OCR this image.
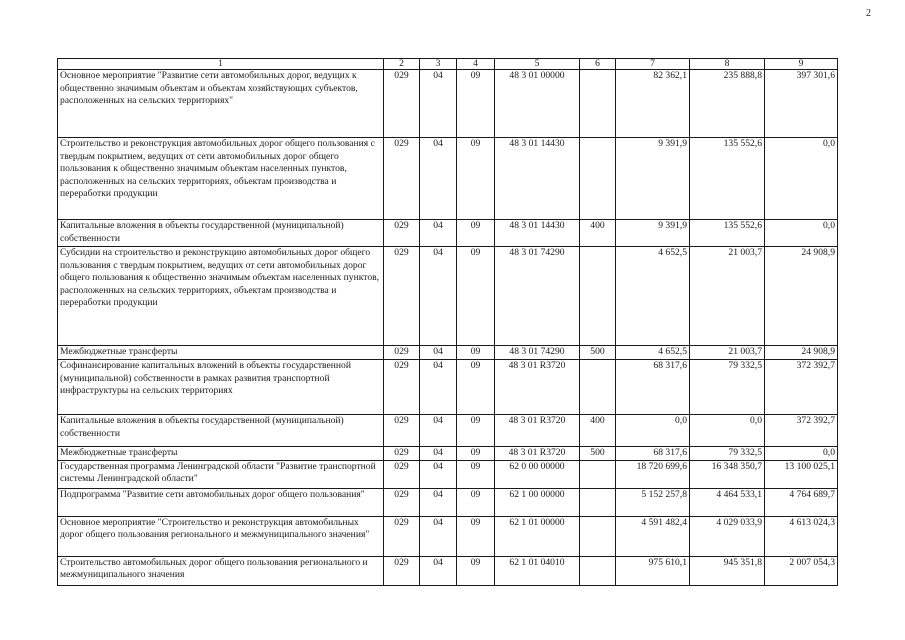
2
1	2	3	4	5	6	7	8	9
Основное мероприятие "Развитие сети автомобильных дорог, ведущих к общественно значимым объектам и объектам хозяйствующих субъектов, расположенных на сельских территориях"	029	04	09	48 3 01 00000		82 362,1	235 888,8	397 301,6
Строительство и реконструкция автомобильных дорог общего пользования с твердым покрытием, ведущих от сети автомобильных дорог общего пользования к общественно значимым объектам населенных пунктов, расположенных на сельских территориях, объектам производства и переработки продукции	029	04	09	48 3 01 14430		9 391,9	135 552,6	0,0
Капитальные вложения в объекты государственной (муниципальной) собственности	029	04	09	48 3 01 14430	400	9 391,9	135 552,6	0,0
Субсидии на строительство и реконструкцию автомобильных дорог общего пользования с твердым покрытием, ведущих от сети автомобильных дорог общего пользования к общественно значимым объектам населенных пунктов, расположенных на сельских территориях, объектам производства и переработки продукции	029	04	09	48 3 01 74290		4 652,5	21 003,7	24 908,9
Межбюджетные трансферты	029	04	09	48 3 01 74290	500	4 652,5	21 003,7	24 908,9
Софинансирование капитальных вложений в объекты государственной (муниципальной) собственности в рамках развития транспортной инфраструктуры на сельских территориях	029	04	09	48 3 01 R3720		68 317,6	79 332,5	372 392,7
Капитальные вложения в объекты государственной (муниципальной) собственности	029	04	09	48 3 01 R3720	400	0,0	0,0	372 392,7
Межбюджетные трансферты	029	04	09	48 3 01 R3720	500	68 317,6	79 332,5	0,0
Государственная программа Ленинградской области "Развитие транспортной системы Ленинградской области"	029	04	09	62 0 00 00000		18 720 699,6	16 348 350,7	13 100 025,1
Подпрограмма "Развитие сети автомобильных дорог общего пользования"	029	04	09	62 1 00 00000		5 152 257,8	4 464 533,1	4 764 689,7
Основное мероприятие "Строительство и реконструкция автомобильных дорог общего пользования регионального и межмуниципального значения"	029	04	09	62 1 01 00000		4 591 482,4	4 029 033,9	4 613 024,3
Строительство автомобильных дорог общего пользования регионального и межмуниципального значения	029	04	09	62 1 01 04010		975 610,1	945 351,8	2 007 054,3
